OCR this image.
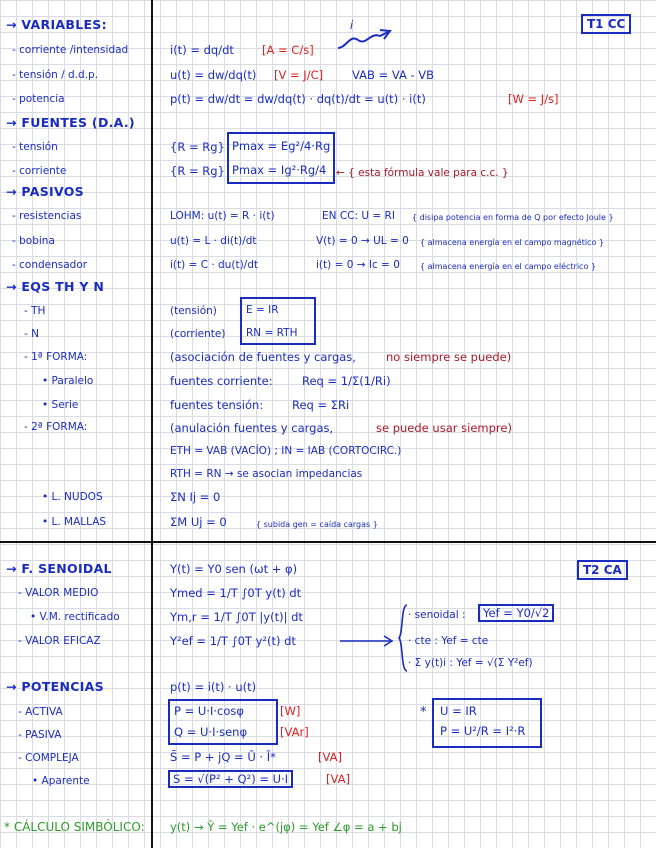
T1 CC
T2 CA
i
→ VARIABLES:
- corriente /intensidad
- tensión / d.d.p.
- potencia
→ FUENTES (D.A.)
- tensión
- corriente
→ PASIVOS
- resistencias
- bobina
- condensador
→ EQS TH Y N
- TH
- N
- 1ª FORMA:
• Paralelo
• Serie
- 2ª FORMA:
• L. NUDOS
• L. MALLAS
→ F. SENOIDAL
- VALOR MEDIO
• V.M. rectificado
- VALOR EFICAZ
→ POTENCIAS
- ACTIVA
- PASIVA
- COMPLEJA
• Aparente
* CÁLCULO SIMBÓLICO:
i(t) = dq/dt [A = C/s]
u(t) = dw/dq(t) [V = J/C]	VAB = VA - VB
p(t) = dw/dt = dw/dq(t) · dq(t)/dt = u(t) · i(t)	[W = J/s]
{R = Rg}
{R = Rg}
Pmax = Eg²/4·Rg
Pmax = Ig²·Rg/4 ← { esta fórmula vale para c.c. }
LOHM: u(t) = R · i(t)	EN CC: U = RI { disipa potencia en forma de Q por efecto Joule }
u(t) = L · di(t)/dt	V(t) = 0 → UL = 0 { almacena energía en el campo magnético }
i(t) = C · du(t)/dt	i(t) = 0 → Ic = 0	{ almacena energía en el campo eléctrico }
(tensión)
(corriente)
E = IR
RN = RTH
(asociación de fuentes y cargas,	no siempre se puede)
fuentes corriente:	Req = 1/Σ(1/Ri)
fuentes tensión:	Req = ΣRi
(anulación fuentes y cargas,	se puede usar siempre)
ETH = VAB (VACÍO) ; IN = IAB (CORTOCIRC.)
RTH = RN → se asocian impedancias
ΣN Ij = 0
ΣM Uj = 0	{ subida gen = caída cargas }
Y(t) = Y0 sen (ωt + φ)
Ymed = 1/T ∫0T y(t) dt
Ym,r = 1/T ∫0T |y(t)| dt
Y²ef = 1/T ∫0T y²(t) dt
· senoidal :	Yef = Y0/√2
· cte : Yef = cte
· Σ y(t)i : Yef = √(Σ Y²ef)
p(t) = i(t) · u(t)
P = U·I·cosφ	[W]
Q = U·I·senφ	[VAr]
S̄ = P + jQ = Ū · Ī*	[VA]
S = √(P² + Q²) = U·I	[VA]
* U = IR
P = U²/R = I²·R
y(t) → Ȳ = Yef · e^(jφ) = Yef ∠φ = a + bj
